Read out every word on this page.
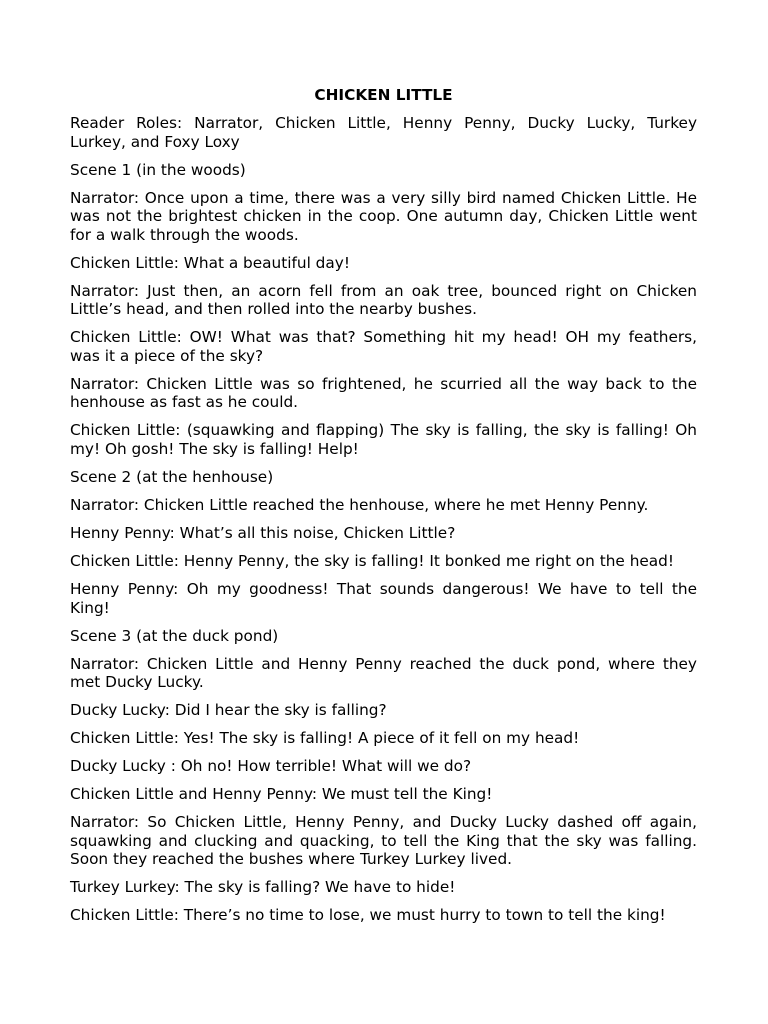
CHICKEN LITTLE
Reader Roles: Narrator, Chicken Little, Henny Penny, Ducky Lucky, Turkey
Lurkey, and Foxy Loxy
Scene 1 (in the woods)
Narrator: Once upon a time, there was a very silly bird named Chicken Little. He
was not the brightest chicken in the coop. One autumn day, Chicken Little went
for a walk through the woods.
Chicken Little: What a beautiful day!
Narrator: Just then, an acorn fell from an oak tree, bounced right on Chicken
Little’s head, and then rolled into the nearby bushes.
Chicken Little: OW! What was that? Something hit my head! OH my feathers,
was it a piece of the sky?
Narrator: Chicken Little was so frightened, he scurried all the way back to the
henhouse as fast as he could.
Chicken Little: (squawking and flapping) The sky is falling, the sky is falling! Oh
my! Oh gosh! The sky is falling! Help!
Scene 2 (at the henhouse)
Narrator: Chicken Little reached the henhouse, where he met Henny Penny.
Henny Penny: What’s all this noise, Chicken Little?
Chicken Little: Henny Penny, the sky is falling! It bonked me right on the head!
Henny Penny: Oh my goodness! That sounds dangerous! We have to tell the
King!
Scene 3 (at the duck pond)
Narrator: Chicken Little and Henny Penny reached the duck pond, where they
met Ducky Lucky.
Ducky Lucky: Did I hear the sky is falling?
Chicken Little: Yes! The sky is falling! A piece of it fell on my head!
Ducky Lucky : Oh no! How terrible! What will we do?
Chicken Little and Henny Penny: We must tell the King!
Narrator: So Chicken Little, Henny Penny, and Ducky Lucky dashed off again,
squawking and clucking and quacking, to tell the King that the sky was falling.
Soon they reached the bushes where Turkey Lurkey lived.
Turkey Lurkey: The sky is falling? We have to hide!
Chicken Little: There’s no time to lose, we must hurry to town to tell the king!
